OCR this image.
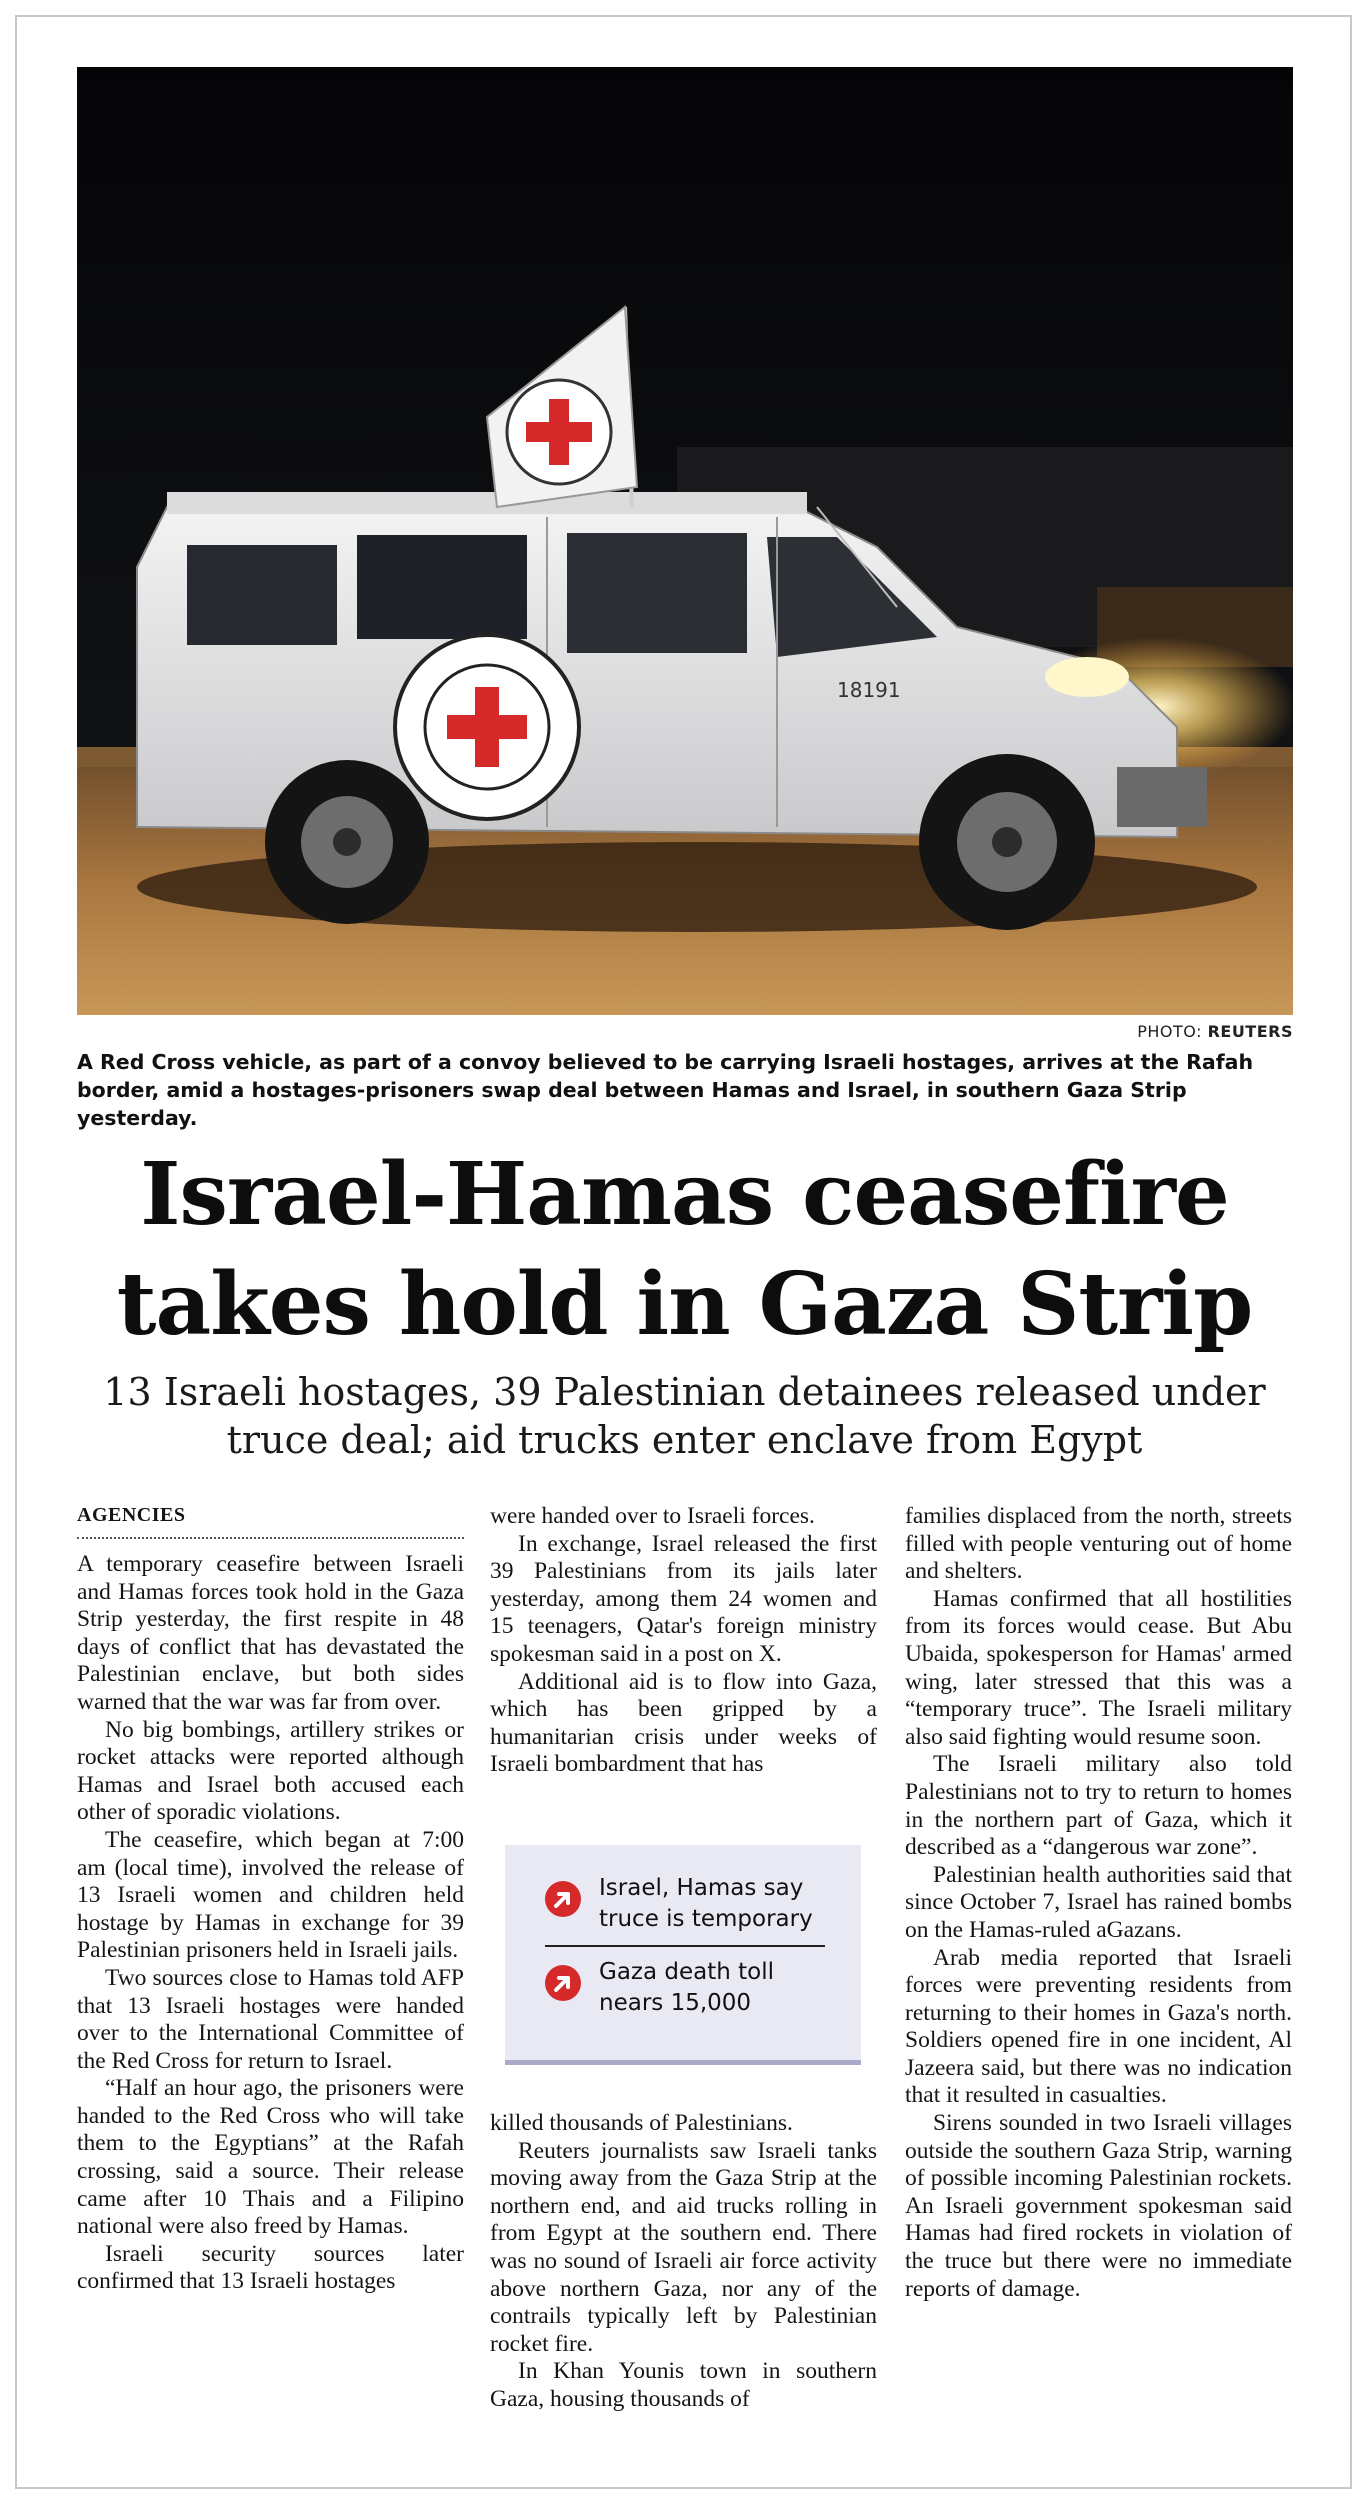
18191
PHOTO: REUTERS
A Red Cross vehicle, as part of a convoy believed to be carrying Israeli hostages, arrives at the Rafah border, amid a hostages-prisoners swap deal between Hamas and Israel, in southern Gaza Strip yesterday.
Israel-Hamas ceasefire
takes hold in Gaza Strip
13 Israeli hostages, 39 Palestinian detainees released under
truce deal; aid trucks enter enclave from Egypt
AGENCIES

A temporary ceasefire between Israeli and Hamas forces took hold in the Gaza Strip yesterday, the first respite in 48 days of conflict that has devastated the Palestinian enclave, but both sides warned that the war was far from over.

No big bombings, artillery strikes or rocket attacks were reported although Hamas and Israel both accused each other of sporadic violations.

The ceasefire, which began at 7:00 am (local time), involved the release of 13 Israeli women and children held hostage by Hamas in exchange for 39 Palestinian prisoners held in Israeli jails.

Two sources close to Hamas told AFP that 13 Israeli hostages were handed over to the International Committee of the Red Cross for return to Israel.

“Half an hour ago, the prisoners were handed to the Red Cross who will take them to the Egyptians” at the Rafah crossing, said a source. Their release came after 10 Thais and a Filipino national were also freed by Hamas.

Israeli security sources later confirmed that 13 Israeli hostages

were handed over to Israeli forces.

In exchange, Israel released the first 39 Palestinians from its jails later yesterday, among them 24 women and 15 teenagers, Qatar's foreign ministry spokesman said in a post on X.

Additional aid is to flow into Gaza, which has been gripped by a humanitarian crisis under weeks of Israeli bombardment that has

Israel, Hamas say truce is temporary
Gaza death toll nears 15,000

killed thousands of Palestinians.

Reuters journalists saw Israeli tanks moving away from the Gaza Strip at the northern end, and aid trucks rolling in from Egypt at the southern end. There was no sound of Israeli air force activity above northern Gaza, nor any of the contrails typically left by Palestinian rocket fire.

In Khan Younis town in southern Gaza, housing thousands of

families displaced from the north, streets filled with people venturing out of home and shelters.

Hamas confirmed that all hostilities from its forces would cease. But Abu Ubaida, spokesperson for Hamas' armed wing, later stressed that this was a “temporary truce”. The Israeli military also said fighting would resume soon.

The Israeli military also told Palestinians not to try to return to homes in the northern part of Gaza, which it described as a “dangerous war zone”.

Palestinian health authorities said that since October 7, Israel has rained bombs on the Hamas-ruled aGazans.

Arab media reported that Israeli forces were preventing residents from returning to their homes in Gaza's north. Soldiers opened fire in one incident, Al Jazeera said, but there was no indication that it resulted in casualties.

Sirens sounded in two Israeli villages outside the southern Gaza Strip, warning of possible incoming Palestinian rockets. An Israeli government spokesman said Hamas had fired rockets in violation of the truce but there were no immediate reports of damage.
